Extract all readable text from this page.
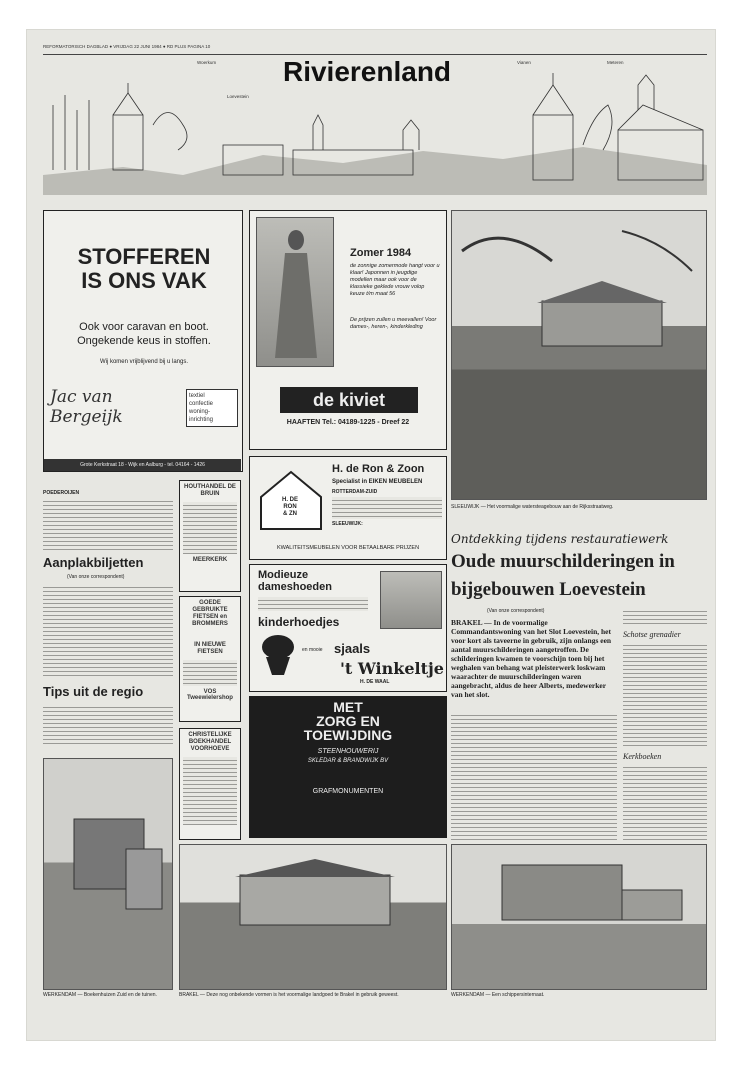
REFORMATORISCH DAGBLAD ● VRIJDAG 22 JUNI 1984 ● RD PLUS PAGINA 10
Rivierenland
Woerkum
Loevestein
Vianen	Meteren
STOFFEREN
IS ONS VAK
Ook voor caravan en boot.
Ongekende keus in stoffen.
Wij komen vrijblijvend bij u langs.
Jac van Bergeijk
textiel
confectie
woning-
inrichting
Grote Kerkstraat 18 - Wijk en Aalburg - tel. 04164 - 1426
Zomer 1984
de zonnige zomermode hangt voor u klaar! Japonnen in jeugdige modellen maar ook voor de klassieke geklede vrouw volop keuze t/m maat 56
De prijzen zullen u meevallen! Voor dames-, heren-, kinderkleding
de kiviet
HAAFTEN Tel.: 04189-1225 - Dreef 22
SLEEUWIJK — Het voormalige watersteagebouw aan de Rijksstraatweg.
POEDEROIJEN
Aanplakbiljetten
(Van onze correspondent)
Tips uit de regio
HOUTHANDEL DE BRUIN
MEERKERK
GOEDE GEBRUIKTE FIETSEN en BROMMERS
IN NIEUWE FIETSEN
VOS Tweewielershop
CHRISTELIJKE BOEKHANDEL VOORHOEVE
H. DE
RON
& ZN
H. de Ron & Zoon
Specialist in EIKEN MEUBELEN
ROTTERDAM-ZUID
SLEEUWIJK:
KWALITEITSMEUBELEN VOOR BETAALBARE PRIJZEN
Modieuze
dameshoeden
kinderhoedjes
en mooie sjaals
't Winkeltje
H. DE WAAL
MET
ZORG EN
TOEWIJDING
STEENHOUWERIJ
SKLEDAR & BRANDWIJK BV
GRAFMONUMENTEN
Ontdekking tijdens restauratiewerk
Oude muurschilderingen in
bijgebouwen Loevestein
(Van onze correspondent)
BRAKEL — In de voormalige Commandantswoning van het Slot Loevestein, het voor kort als taveerne in gebruik, zijn onlangs een aantal muurschilderingen aangetroffen. De schilderingen kwamen te voorschijn toen bij het weghalen van behang wat pleisterwerk loskwam waarachter de muurschilderingen waren aangebracht, aldus de heer Alberts, medewerker van het slot.
Schotse grenadier
Kerkboeken
WERKENDAM — Boekenhuizen Zuid en de tuinen.	BRAKEL — Deze nog onbekende vormen is het voormalige landgoed te Brakel in gebruik geweest.	WERKENDAM — Een schippersinternaat.
